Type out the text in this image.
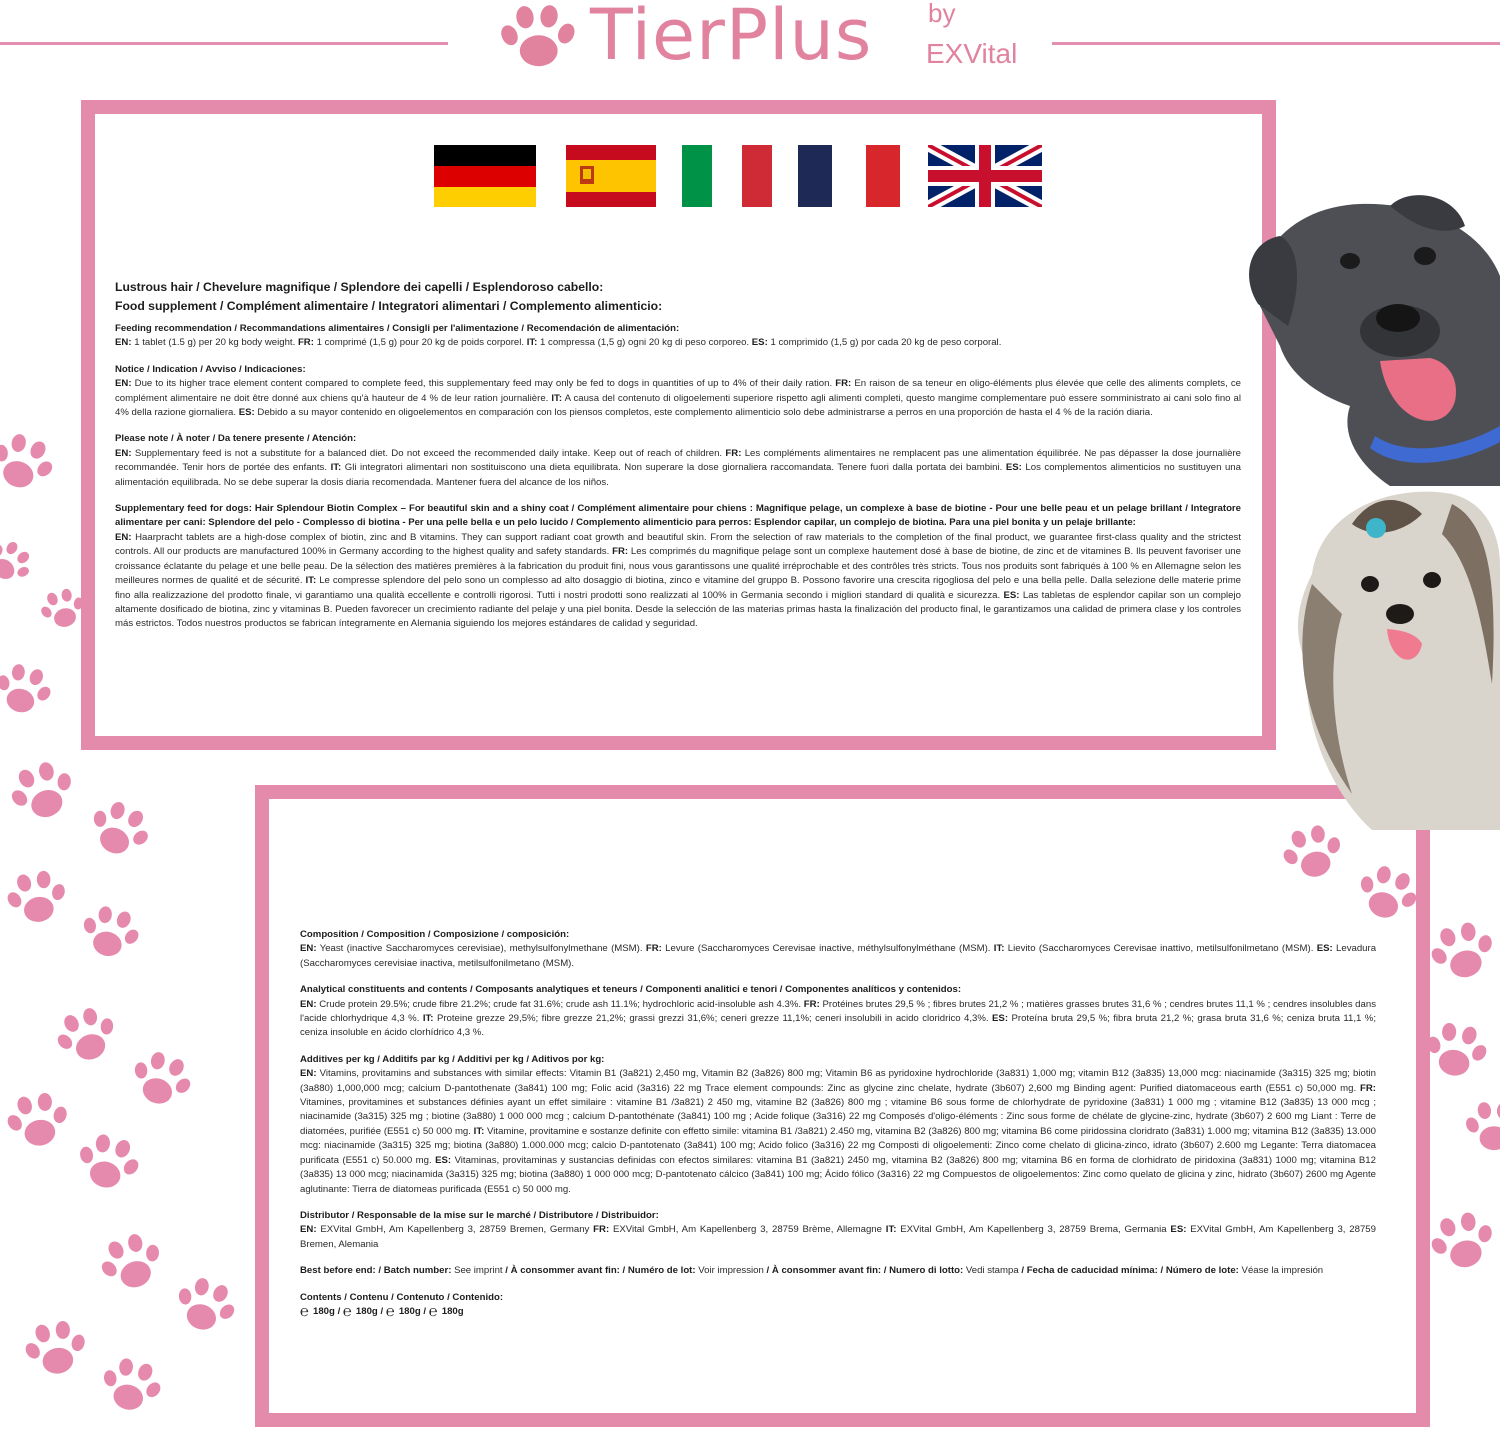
TierPlus by
EXVital
Lustrous hair / Chevelure magnifique / Splendore dei capelli / Esplendoroso cabello:
Food supplement / Complément alimentaire / Integratori alimentari / Complemento alimenticio:
Feeding recommendation / Recommandations alimentaires / Consigli per l'alimentazione / Recomendación de alimentación:

EN: 1 tablet (1.5 g) per 20 kg body weight. FR: 1 comprimé (1,5 g) pour 20 kg de poids corporel. IT: 1 compressa (1,5 g) ogni 20 kg di peso corporeo. ES: 1 comprimido (1,5 g) por cada 20 kg de peso corporal.

Notice / Indication / Avviso / Indicaciones:

EN: Due to its higher trace element content compared to complete feed, this supplementary feed may only be fed to dogs in quantities of up to 4% of their daily ration. FR: En raison de sa teneur en oligo-éléments plus élevée que celle des aliments complets, ce complément alimentaire ne doit être donné aux chiens qu'à hauteur de 4 % de leur ration journalière. IT: A causa del contenuto di oligoelementi superiore rispetto agli alimenti completi, questo mangime complementare può essere somministrato ai cani solo fino al 4% della razione giornaliera. ES: Debido a su mayor contenido en oligoelementos en comparación con los piensos completos, este complemento alimenticio solo debe administrarse a perros en una proporción de hasta el 4 % de la ración diaria.

Please note / À noter / Da tenere presente / Atención:

EN: Supplementary feed is not a substitute for a balanced diet. Do not exceed the recommended daily intake. Keep out of reach of children. FR: Les compléments alimentaires ne remplacent pas une alimentation équilibrée. Ne pas dépasser la dose journalière recommandée. Tenir hors de portée des enfants. IT: Gli integratori alimentari non sostituiscono una dieta equilibrata. Non superare la dose giornaliera raccomandata. Tenere fuori dalla portata dei bambini. ES: Los complementos alimenticios no sustituyen una alimentación equilibrada. No se debe superar la dosis diaria recomendada. Mantener fuera del alcance de los niños.

Supplementary feed for dogs: Hair Splendour Biotin Complex – For beautiful skin and a shiny coat / Complément alimentaire pour chiens : Magnifique pelage, un complexe à base de biotine - Pour une belle peau et un pelage brillant / Integratore alimentare per cani: Splendore del pelo - Complesso di biotina - Per una pelle bella e un pelo lucido / Complemento alimenticio para perros: Esplendor capilar, un complejo de biotina. Para una piel bonita y un pelaje brillante:

EN: Haarpracht tablets are a high-dose complex of biotin, zinc and B vitamins. They can support radiant coat growth and beautiful skin. From the selection of raw materials to the completion of the final product, we guarantee first-class quality and the strictest controls. All our products are manufactured 100% in Germany according to the highest quality and safety standards. FR: Les comprimés du magnifique pelage sont un complexe hautement dosé à base de biotine, de zinc et de vitamines B. Ils peuvent favoriser une croissance éclatante du pelage et une belle peau. De la sélection des matières premières à la fabrication du produit fini, nous vous garantissons une qualité irréprochable et des contrôles très stricts. Tous nos produits sont fabriqués à 100 % en Allemagne selon les meilleures normes de qualité et de sécurité. IT: Le compresse splendore del pelo sono un complesso ad alto dosaggio di biotina, zinco e vitamine del gruppo B. Possono favorire una crescita rigogliosa del pelo e una bella pelle. Dalla selezione delle materie prime fino alla realizzazione del prodotto finale, vi garantiamo una qualità eccellente e controlli rigorosi. Tutti i nostri prodotti sono realizzati al 100% in Germania secondo i migliori standard di qualità e sicurezza. ES: Las tabletas de esplendor capilar son un complejo altamente dosificado de biotina, zinc y vitaminas B. Pueden favorecer un crecimiento radiante del pelaje y una piel bonita. Desde la selección de las materias primas hasta la finalización del producto final, le garantizamos una calidad de primera clase y los controles más estrictos. Todos nuestros productos se fabrican íntegramente en Alemania siguiendo los mejores estándares de calidad y seguridad.

Composition / Composition / Composizione / composición:

EN: Yeast (inactive Saccharomyces cerevisiae), methylsulfonylmethane (MSM). FR: Levure (Saccharomyces Cerevisae inactive, méthylsulfonylméthane (MSM). IT: Lievito (Saccharomyces Cerevisae inattivo, metilsulfonilmetano (MSM). ES: Levadura (Saccharomyces cerevisiae inactiva, metilsulfonilmetano (MSM).

Analytical constituents and contents / Composants analytiques et teneurs / Componenti analitici e tenori / Componentes analíticos y contenidos:

EN: Crude protein 29.5%; crude fibre 21.2%; crude fat 31.6%; crude ash 11.1%; hydrochloric acid-insoluble ash 4.3%. FR: Protéines brutes 29,5 % ; fibres brutes 21,2 % ; matières grasses brutes 31,6 % ; cendres brutes 11,1 % ; cendres insolubles dans l'acide chlorhydrique 4,3 %. IT: Proteine grezze 29,5%; fibre grezze 21,2%; grassi grezzi 31,6%; ceneri grezze 11,1%; ceneri insolubili in acido cloridrico 4,3%. ES: Proteína bruta 29,5 %; fibra bruta 21,2 %; grasa bruta 31,6 %; ceniza bruta 11,1 %; ceniza insoluble en ácido clorhídrico 4,3 %.

Additives per kg / Additifs par kg / Additivi per kg / Aditivos por kg:

EN: Vitamins, provitamins and substances with similar effects: Vitamin B1 (3a821) 2,450 mg, Vitamin B2 (3a826) 800 mg; Vitamin B6 as pyridoxine hydrochloride (3a831) 1,000 mg; vitamin B12 (3a835) 13,000 mcg: niacinamide (3a315) 325 mg; biotin (3a880) 1,000,000 mcg; calcium D-pantothenate (3a841) 100 mg; Folic acid (3a316) 22 mg Trace element compounds: Zinc as glycine zinc chelate, hydrate (3b607) 2,600 mg Binding agent: Purified diatomaceous earth (E551 c) 50,000 mg. FR: Vitamines, provitamines et substances définies ayant un effet similaire : vitamine B1 /3a821) 2 450 mg, vitamine B2 (3a826) 800 mg ; vitamine B6 sous forme de chlorhydrate de pyridoxine (3a831) 1 000 mg ; vitamine B12 (3a835) 13 000 mcg ; niacinamide (3a315) 325 mg ; biotine (3a880) 1 000 000 mcg ; calcium D-pantothénate (3a841) 100 mg ; Acide folique (3a316) 22 mg Composés d'oligo-éléments : Zinc sous forme de chélate de glycine-zinc, hydrate (3b607) 2 600 mg Liant : Terre de diatomées, purifiée (E551 c) 50 000 mg. IT: Vitamine, provitamine e sostanze definite con effetto simile: vitamina B1 /3a821) 2.450 mg, vitamina B2 (3a826) 800 mg; vitamina B6 come piridossina cloridrato (3a831) 1.000 mg; vitamina B12 (3a835) 13.000 mcg: niacinamide (3a315) 325 mg; biotina (3a880) 1.000.000 mcg; calcio D-pantotenato (3a841) 100 mg; Acido folico (3a316) 22 mg Composti di oligoelementi: Zinco come chelato di glicina-zinco, idrato (3b607) 2.600 mg Legante: Terra diatomacea purificata (E551 c) 50.000 mg. ES: Vitaminas, provitaminas y sustancias definidas con efectos similares: vitamina B1 (3a821) 2450 mg, vitamina B2 (3a826) 800 mg; vitamina B6 en forma de clorhidrato de piridoxina (3a831) 1000 mg; vitamina B12 (3a835) 13 000 mcg; niacinamida (3a315) 325 mg; biotina (3a880) 1 000 000 mcg; D-pantotenato cálcico (3a841) 100 mg; Ácido fólico (3a316) 22 mg Compuestos de oligoelementos: Zinc como quelato de glicina y zinc, hidrato (3b607) 2600 mg Agente aglutinante: Tierra de diatomeas purificada (E551 c) 50 000 mg.

Distributor / Responsable de la mise sur le marché / Distributore / Distribuidor:

EN: EXVital GmbH, Am Kapellenberg 3, 28759 Bremen, Germany FR: EXVital GmbH, Am Kapellenberg 3, 28759 Brème, Allemagne IT: EXVital GmbH, Am Kapellenberg 3, 28759 Brema, Germania ES: EXVital GmbH, Am Kapellenberg 3, 28759 Bremen, Alemania

Best before end: / Batch number: See imprint / À consommer avant fin: / Numéro de lot: Voir impression / À consommer avant fin: / Numero di lotto: Vedi stampa / Fecha de caducidad mínima: / Número de lote: Véase la impresión

Contents / Contenu / Contenuto / Contenido:

℮ 180g / ℮ 180g / ℮ 180g / ℮ 180g
